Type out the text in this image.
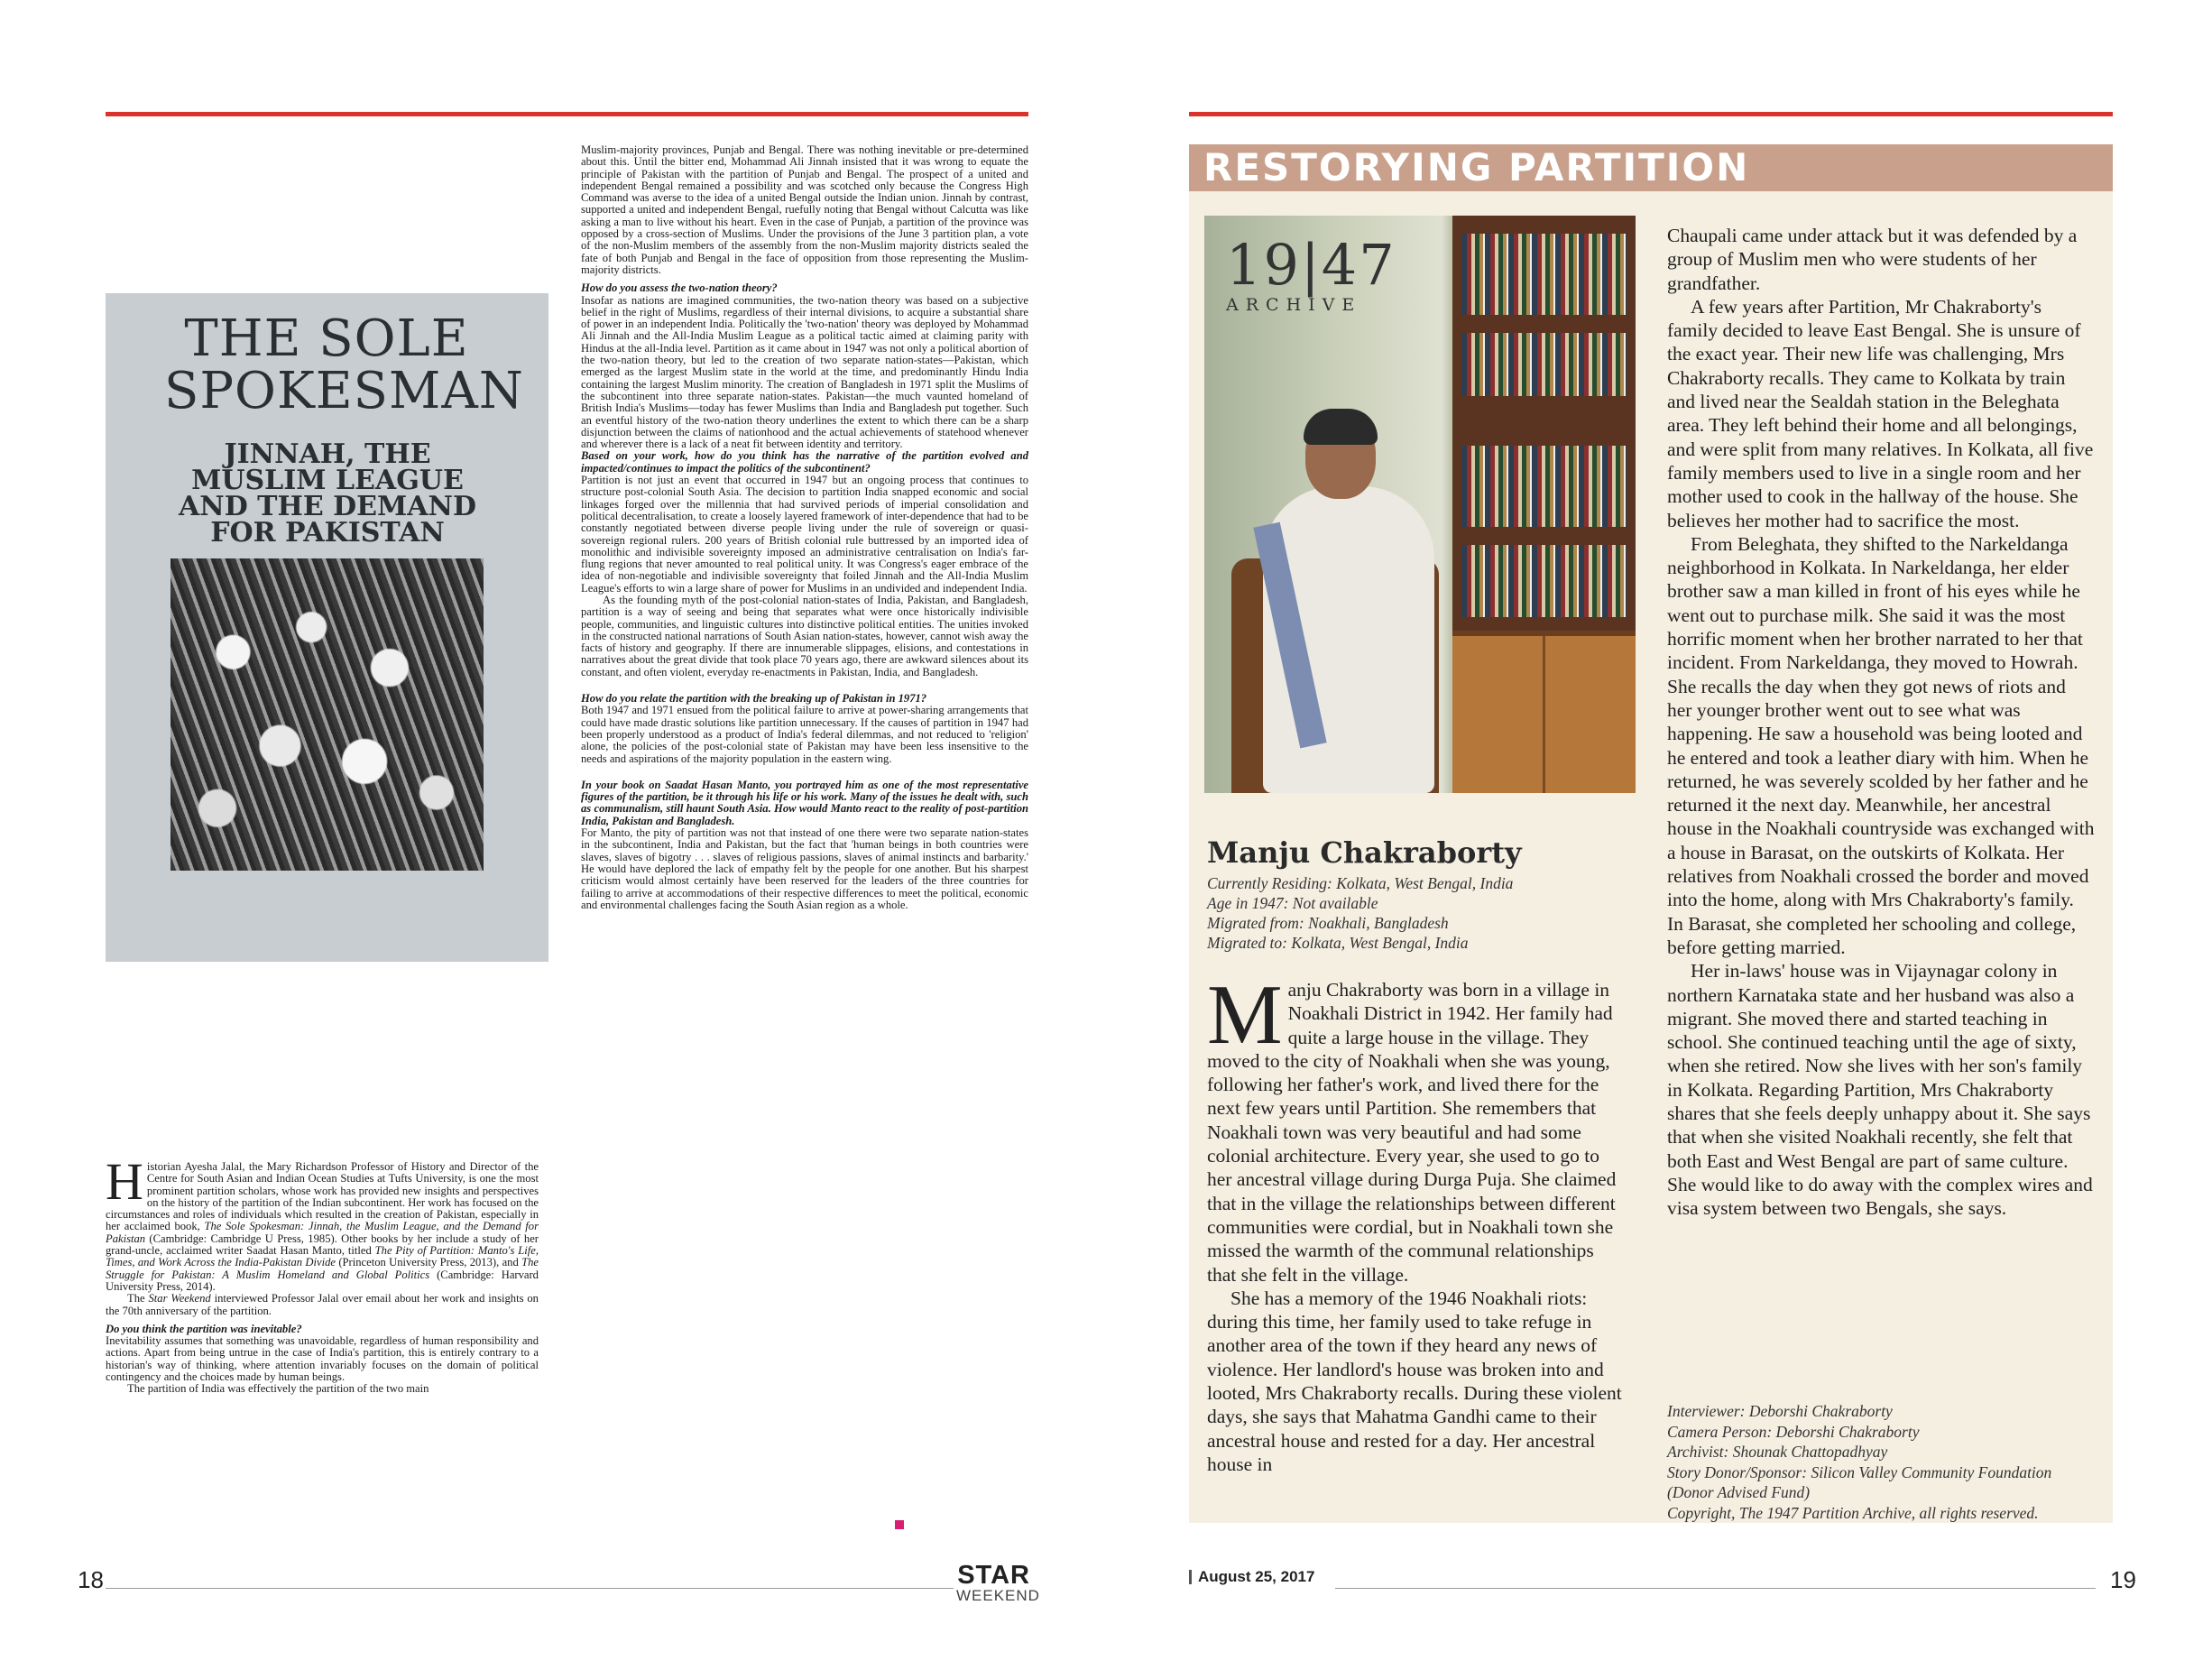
THE SOLE SPOKESMAN
JINNAH, THE MUSLIM LEAGUE AND THE DEMAND FOR PAKISTAN
H istorian Ayesha Jalal, the Mary Richardson Professor of History and Director of the Centre for South Asian and Indian Ocean Studies at Tufts University, is one the most prominent partition scholars, whose work has provided new insights and perspectives on the history of the partition of the Indian subcontinent. Her work has focused on the circumstances and roles of individuals which resulted in the creation of Pakistan, especially in her acclaimed book, The Sole Spokesman: Jinnah, the Muslim League, and the Demand for Pakistan (Cambridge: Cambridge U Press, 1985). Other books by her include a study of her grand-uncle, acclaimed writer Saadat Hasan Manto, titled The Pity of Partition: Manto's Life, Times, and Work Across the India-Pakistan Divide (Princeton University Press, 2013), and The Struggle for Pakistan: A Muslim Homeland and Global Politics (Cambridge: Harvard University Press, 2014).

The Star Weekend interviewed Professor Jalal over email about her work and insights on the 70th anniversary of the partition.

Do you think the partition was inevitable?

Inevitability assumes that something was unavoidable, regardless of human responsibility and actions. Apart from being untrue in the case of India's partition, this is entirely contrary to a historian's way of thinking, where attention invariably focuses on the domain of political contingency and the choices made by human beings.

The partition of India was effectively the partition of the two main

Muslim-majority provinces, Punjab and Bengal. There was nothing inevitable or pre-determined about this. Until the bitter end, Mohammad Ali Jinnah insisted that it was wrong to equate the principle of Pakistan with the partition of Punjab and Bengal. The prospect of a united and independent Bengal remained a possibility and was scotched only because the Congress High Command was averse to the idea of a united Bengal outside the Indian union. Jinnah by contrast, supported a united and independent Bengal, ruefully noting that Bengal without Calcutta was like asking a man to live without his heart. Even in the case of Punjab, a partition of the province was opposed by a cross-section of Muslims. Under the provisions of the June 3 partition plan, a vote of the non-Muslim members of the assembly from the non-Muslim majority districts sealed the fate of both Punjab and Bengal in the face of opposition from those representing the Muslim-majority districts.

How do you assess the two-nation theory?

Insofar as nations are imagined communities, the two-nation theory was based on a subjective belief in the right of Muslims, regardless of their internal divisions, to acquire a substantial share of power in an independent India. Politically the 'two-nation' theory was deployed by Mohammad Ali Jinnah and the All-India Muslim League as a political tactic aimed at claiming parity with Hindus at the all-India level. Partition as it came about in 1947 was not only a political abortion of the two-nation theory, but led to the creation of two separate nation-states—Pakistan, which emerged as the largest Muslim state in the world at the time, and predominantly Hindu India containing the largest Muslim minority. The creation of Bangladesh in 1971 split the Muslims of the subcontinent into three separate nation-states. Pakistan—the much vaunted homeland of British India's Muslims—today has fewer Muslims than India and Bangladesh put together. Such an eventful history of the two-nation theory underlines the extent to which there can be a sharp disjunction between the claims of nationhood and the actual achievements of statehood whenever and wherever there is a lack of a neat fit between identity and territory.

Based on your work, how do you think has the narrative of the partition evolved and impacted/continues to impact the politics of the subcontinent?

Partition is not just an event that occurred in 1947 but an ongoing process that continues to structure post-colonial South Asia. The decision to partition India snapped economic and social linkages forged over the millennia that had survived periods of imperial consolidation and political decentralisation, to create a loosely layered framework of inter-dependence that had to be constantly negotiated between diverse people living under the rule of sovereign or quasi-sovereign regional rulers. 200 years of British colonial rule buttressed by an imported idea of monolithic and indivisible sovereignty imposed an administrative centralisation on India's far-flung regions that never amounted to real political unity. It was Congress's eager embrace of the idea of non-negotiable and indivisible sovereignty that foiled Jinnah and the All-India Muslim League's efforts to win a large share of power for Muslims in an undivided and independent India.

As the founding myth of the post-colonial nation-states of India, Pakistan, and Bangladesh, partition is a way of seeing and being that separates what were once historically indivisible people, communities, and linguistic cultures into distinctive political entities. The unities invoked in the constructed national narrations of South Asian nation-states, however, cannot wish away the facts of history and geography. If there are innumerable slippages, elisions, and contestations in narratives about the great divide that took place 70 years ago, there are awkward silences about its constant, and often violent, everyday re-enactments in Pakistan, India, and Bangladesh.

How do you relate the partition with the breaking up of Pakistan in 1971?

Both 1947 and 1971 ensued from the political failure to arrive at power-sharing arrangements that could have made drastic solutions like partition unnecessary. If the causes of partition in 1947 had been properly understood as a product of India's federal dilemmas, and not reduced to 'religion' alone, the policies of the post-colonial state of Pakistan may have been less insensitive to the needs and aspirations of the majority population in the eastern wing.

In your book on Saadat Hasan Manto, you portrayed him as one of the most representative figures of the partition, be it through his life or his work. Many of the issues he dealt with, such as communalism, still haunt South Asia. How would Manto react to the reality of post-partition India, Pakistan and Bangladesh.

For Manto, the pity of partition was not that instead of one there were two separate nation-states in the subcontinent, India and Pakistan, but the fact that 'human beings in both countries were slaves, slaves of bigotry . . . slaves of religious passions, slaves of animal instincts and barbarity.' He would have deplored the lack of empathy felt by the people for one another. But his sharpest criticism would almost certainly have been reserved for the leaders of the three countries for failing to arrive at accommodations of their respective differences to meet the political, economic and environmental challenges facing the South Asian region as a whole.

18	STAR
WEEKEND
RESTORYING PARTITION
19|47
ARCHIVE
Manju Chakraborty
Currently Residing: Kolkata, West Bengal, India
Age in 1947: Not available
Migrated from: Noakhali, Bangladesh
Migrated to: Kolkata, West Bengal, India
M anju Chakraborty was born in a village in Noakhali District in 1942. Her family had quite a large house in the village. They moved to the city of Noakhali when she was young, following her father's work, and lived there for the next few years until Partition. She remembers that Noakhali town was very beautiful and had some colonial architecture. Every year, she used to go to her ancestral village during Durga Puja. She claimed that in the village the relationships between different communities were cordial, but in Noakhali town she missed the warmth of the communal relationships that she felt in the village.

She has a memory of the 1946 Noakhali riots: during this time, her family used to take refuge in another area of the town if they heard any news of violence. Her landlord's house was broken into and looted, Mrs Chakraborty recalls. During these violent days, she says that Mahatma Gandhi came to their ancestral house and rested for a day. Her ancestral house in

Chaupali came under attack but it was defended by a group of Muslim men who were students of her grandfather.

A few years after Partition, Mr Chakraborty's family decided to leave East Bengal. She is unsure of the exact year. Their new life was challenging, Mrs Chakraborty recalls. They came to Kolkata by train and lived near the Sealdah station in the Beleghata area. They left behind their home and all belongings, and were split from many relatives. In Kolkata, all five family members used to live in a single room and her mother used to cook in the hallway of the house. She believes her mother had to sacrifice the most.

From Beleghata, they shifted to the Narkeldanga neighborhood in Kolkata. In Narkeldanga, her elder brother saw a man killed in front of his eyes while he went out to purchase milk. She said it was the most horrific moment when her brother narrated to her that incident. From Narkeldanga, they moved to Howrah. She recalls the day when they got news of riots and her younger brother went out to see what was happening. He saw a household was being looted and he entered and took a leather diary with him. When he returned, he was severely scolded by her father and he returned it the next day. Meanwhile, her ancestral house in the Noakhali countryside was exchanged with a house in Barasat, on the outskirts of Kolkata. Her relatives from Noakhali crossed the border and moved into the home, along with Mrs Chakraborty's family. In Barasat, she completed her schooling and college, before getting married.

Her in-laws' house was in Vijaynagar colony in northern Karnataka state and her husband was also a migrant. She moved there and started teaching in school. She continued teaching until the age of sixty, when she retired. Now she lives with her son's family in Kolkata. Regarding Partition, Mrs Chakraborty shares that she feels deeply unhappy about it. She says that when she visited Noakhali recently, she felt that both East and West Bengal are part of same culture. She would like to do away with the complex wires and visa system between two Bengals, she says.

Interviewer: Deborshi Chakraborty
Camera Person: Deborshi Chakraborty
Archivist: Shounak Chattopadhyay
Story Donor/Sponsor: Silicon Valley Community Foundation (Donor Advised Fund)
Copyright, The 1947 Partition Archive, all rights reserved.
August 25, 2017	19
